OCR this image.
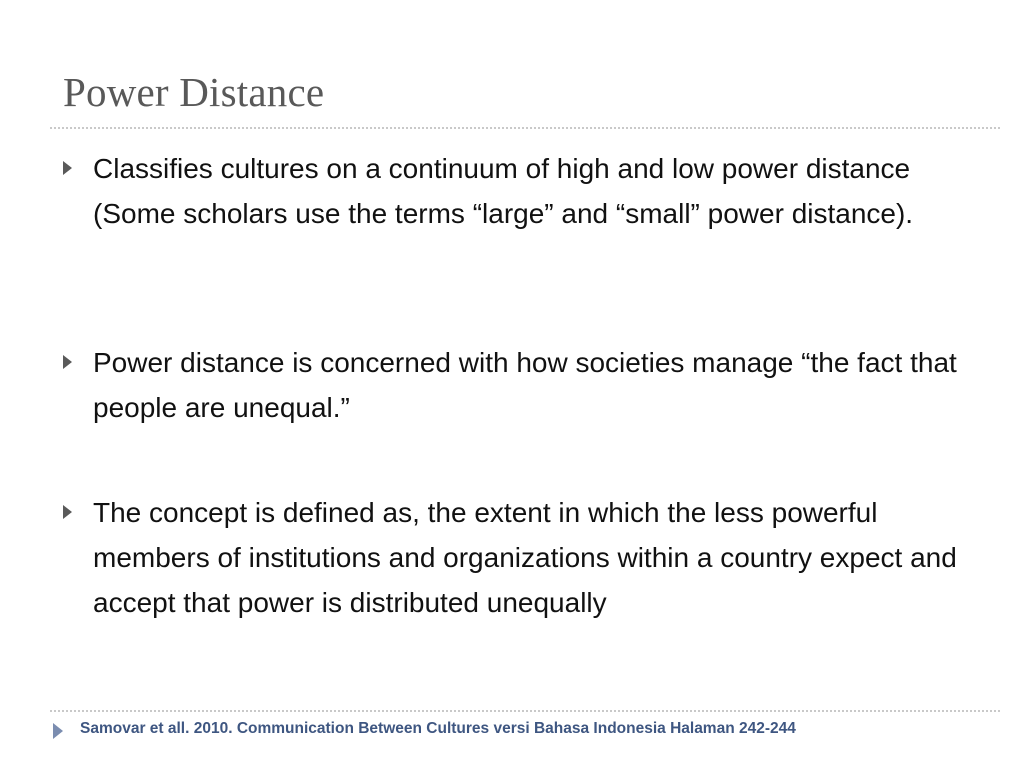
Power Distance
Classifies cultures on a continuum of high and low power distance (Some scholars use the terms “large” and “small” power distance).
Power distance is concerned with how societies manage “the fact that people are unequal.”
The concept is defined as, the extent in which the less powerful members of institutions and organizations within a country expect and accept that power is distributed unequally
Samovar et all. 2010. Communication Between Cultures versi Bahasa Indonesia Halaman 242-244
